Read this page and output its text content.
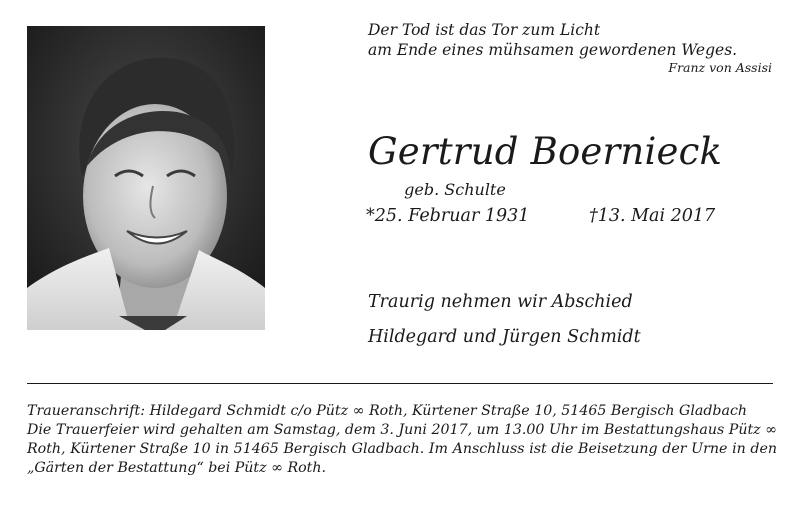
Der Tod ist das Tor zum Licht
am Ende eines mühsamen gewordenen Weges.
Franz von Assisi
Gertrud Boernieck
geb. Schulte
*25. Februar 1931	†13. Mai 2017
Traurig nehmen wir Abschied
Hildegard und Jürgen Schmidt

Traueranschrift: Hildegard Schmidt c/o Pütz ∞ Roth, Kürtener Straße 10, 51465 Bergisch Gladbach

Die Trauerfeier wird gehalten am Samstag, dem 3. Juni 2017, um 13.00 Uhr im Bestattungshaus Pütz ∞ Roth, Kürtener Straße 10 in 51465 Bergisch Gladbach. Im Anschluss ist die Beisetzung der Urne in den „Gärten der Bestattung“ bei Pütz ∞ Roth.
